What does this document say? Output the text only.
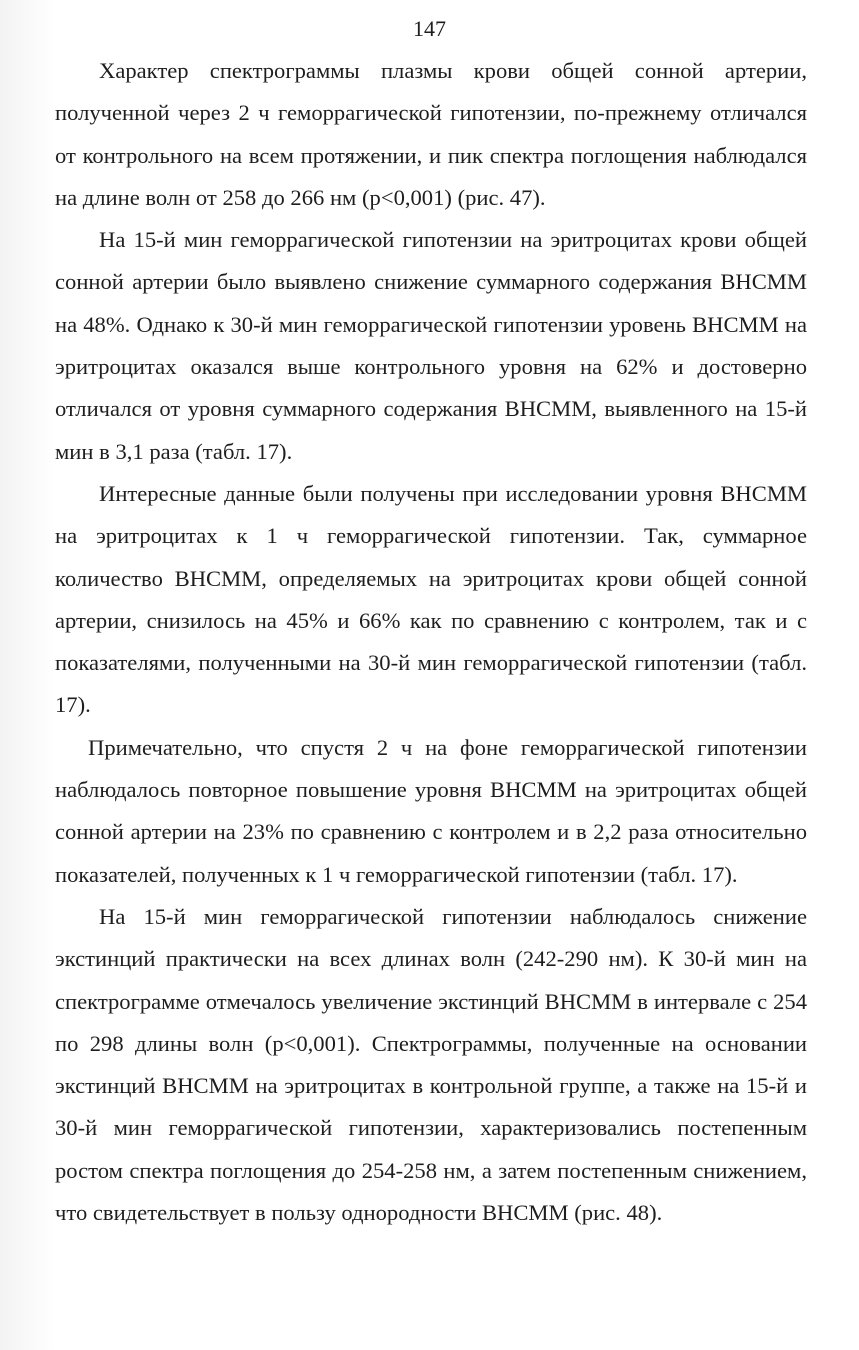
147

Характер спектрограммы плазмы крови общей сонной артерии, полученной через 2 ч геморрагической гипотензии, по-прежнему отличался от контрольного на всем протяжении, и пик спектра поглощения наблюдался на длине волн от 258 до 266 нм (p<0,001) (рис. 47).

На 15-й мин геморрагической гипотензии на эритроцитах крови общей сонной артерии было выявлено снижение суммарного содержания ВНСММ на 48%. Однако к 30-й мин геморрагической гипотензии уровень ВНСММ на эритроцитах оказался выше контрольного уровня на 62% и достоверно отличался от уровня суммарного содержания ВНСММ, выявленного на 15-й мин в 3,1 раза (табл. 17).

Интересные данные были получены при исследовании уровня ВНСММ на эритроцитах к 1 ч геморрагической гипотензии. Так, суммарное количество ВНСММ, определяемых на эритроцитах крови общей сонной артерии, снизилось на 45% и 66% как по сравнению с контролем, так и с показателями, полученными на 30-й мин геморрагической гипотензии (табл. 17).

Примечательно, что спустя 2 ч на фоне геморрагической гипотензии наблюдалось повторное повышение уровня ВНСММ на эритроцитах общей сонной артерии на 23% по сравнению с контролем и в 2,2 раза относительно показателей, полученных к 1 ч геморрагической гипотензии (табл. 17).

На 15-й мин геморрагической гипотензии наблюдалось снижение экстинций практически на всех длинах волн (242-290 нм). К 30-й мин на спектрограмме отмечалось увеличение экстинций ВНСММ в интервале с 254 по 298 длины волн (p<0,001). Спектрограммы, полученные на основании экстинций ВНСММ на эритроцитах в контрольной группе, а также на 15-й и 30-й мин геморрагической гипотензии, характеризовались постепенным ростом спектра поглощения до 254-258 нм, а затем постепенным снижением, что свидетельствует в пользу однородности ВНСММ (рис. 48).
